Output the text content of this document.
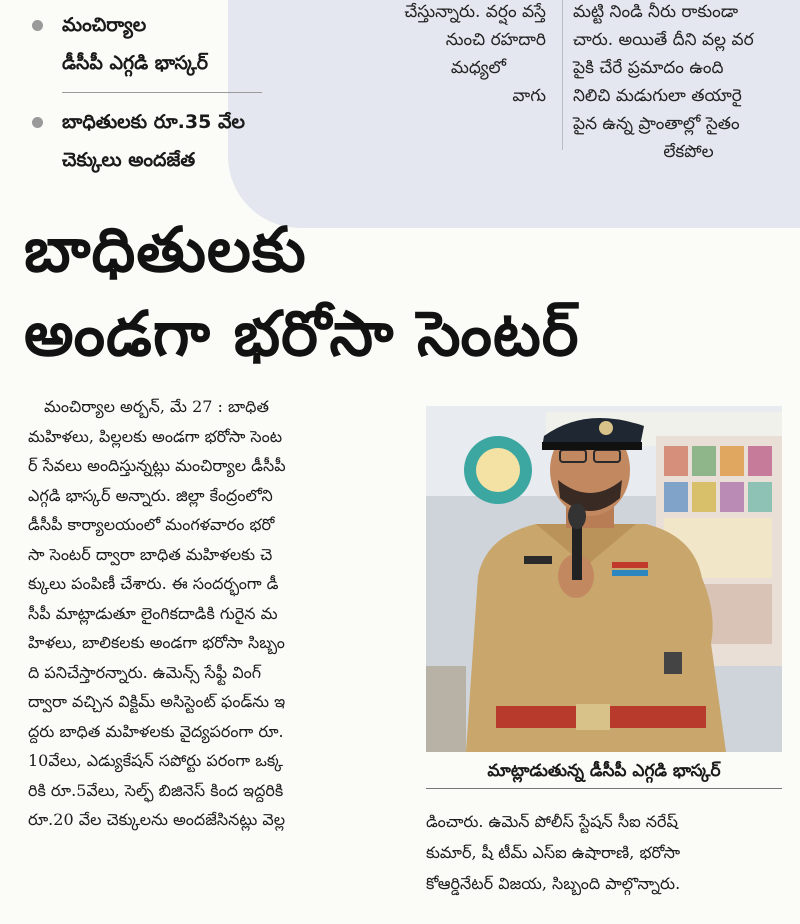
చేస్తున్నారు. వర్షం వస్తే
నుంచి రహదారి
మధ్యలో
వాగు
మట్టి నిండి నీరు రాకుండా
చారు. అయితే దీని వల్ల వర
పైకి చేరే ప్రమాదం ఉంది
నిలిచి మడుగులా తయారై
పైన ఉన్న ప్రాంతాల్లో సైతం
లేకపోల
మంచిర్యాల
డీసీపీ ఎగ్గడి భాస్కర్
బాధితులకు రూ.35 వేల
చెక్కులు అందజేత
బాధితులకు
అండగా భరోసా సెంటర్
మంచిర్యాల అర్బన్, మే 27 : బాధిత
మహిళలు, పిల్లలకు అండగా భరోసా సెంట
ర్ సేవలు అందిస్తున్నట్లు మంచిర్యాల డీసీపీ
ఎగ్గడి భాస్కర్ అన్నారు. జిల్లా కేంద్రంలోని
డీసీపీ కార్యాలయంలో మంగళవారం భరో
సా సెంటర్ ద్వారా బాధిత మహిళలకు చె
క్కులు పంపిణీ చేశారు. ఈ సందర్భంగా డీ
సీపీ మాట్లాడుతూ లైంగికదాడికి గురైన మ
హిళలు, బాలికలకు అండగా భరోసా సిబ్బం
ది పనిచేస్తారన్నారు. ఉమెన్స్ సేఫ్టీ వింగ్
ద్వారా వచ్చిన విక్టిమ్ అసిస్టెంట్ ఫండ్‌ను ఇ
ద్దరు బాధిత మహిళలకు వైద్యపరంగా రూ.
10వేలు, ఎడ్యుకేషన్ సపోర్టు పరంగా ఒక్క
రికి రూ.5వేలు, సెల్ఫ్ బిజినెస్ కింద ఇద్దరికి
రూ.20 వేల చెక్కులను అందజేసినట్లు వెల్ల
మాట్లాడుతున్న డీసీపీ ఎగ్గడి భాస్కర్
డించారు. ఉమెన్ పోలీస్ స్టేషన్ సీఐ నరేష్
కుమార్, షీ టీమ్ ఎస్ఐ ఉషారాణి, భరోసా
కోఆర్డినేటర్ విజయ, సిబ్బంది పాల్గొన్నారు.
